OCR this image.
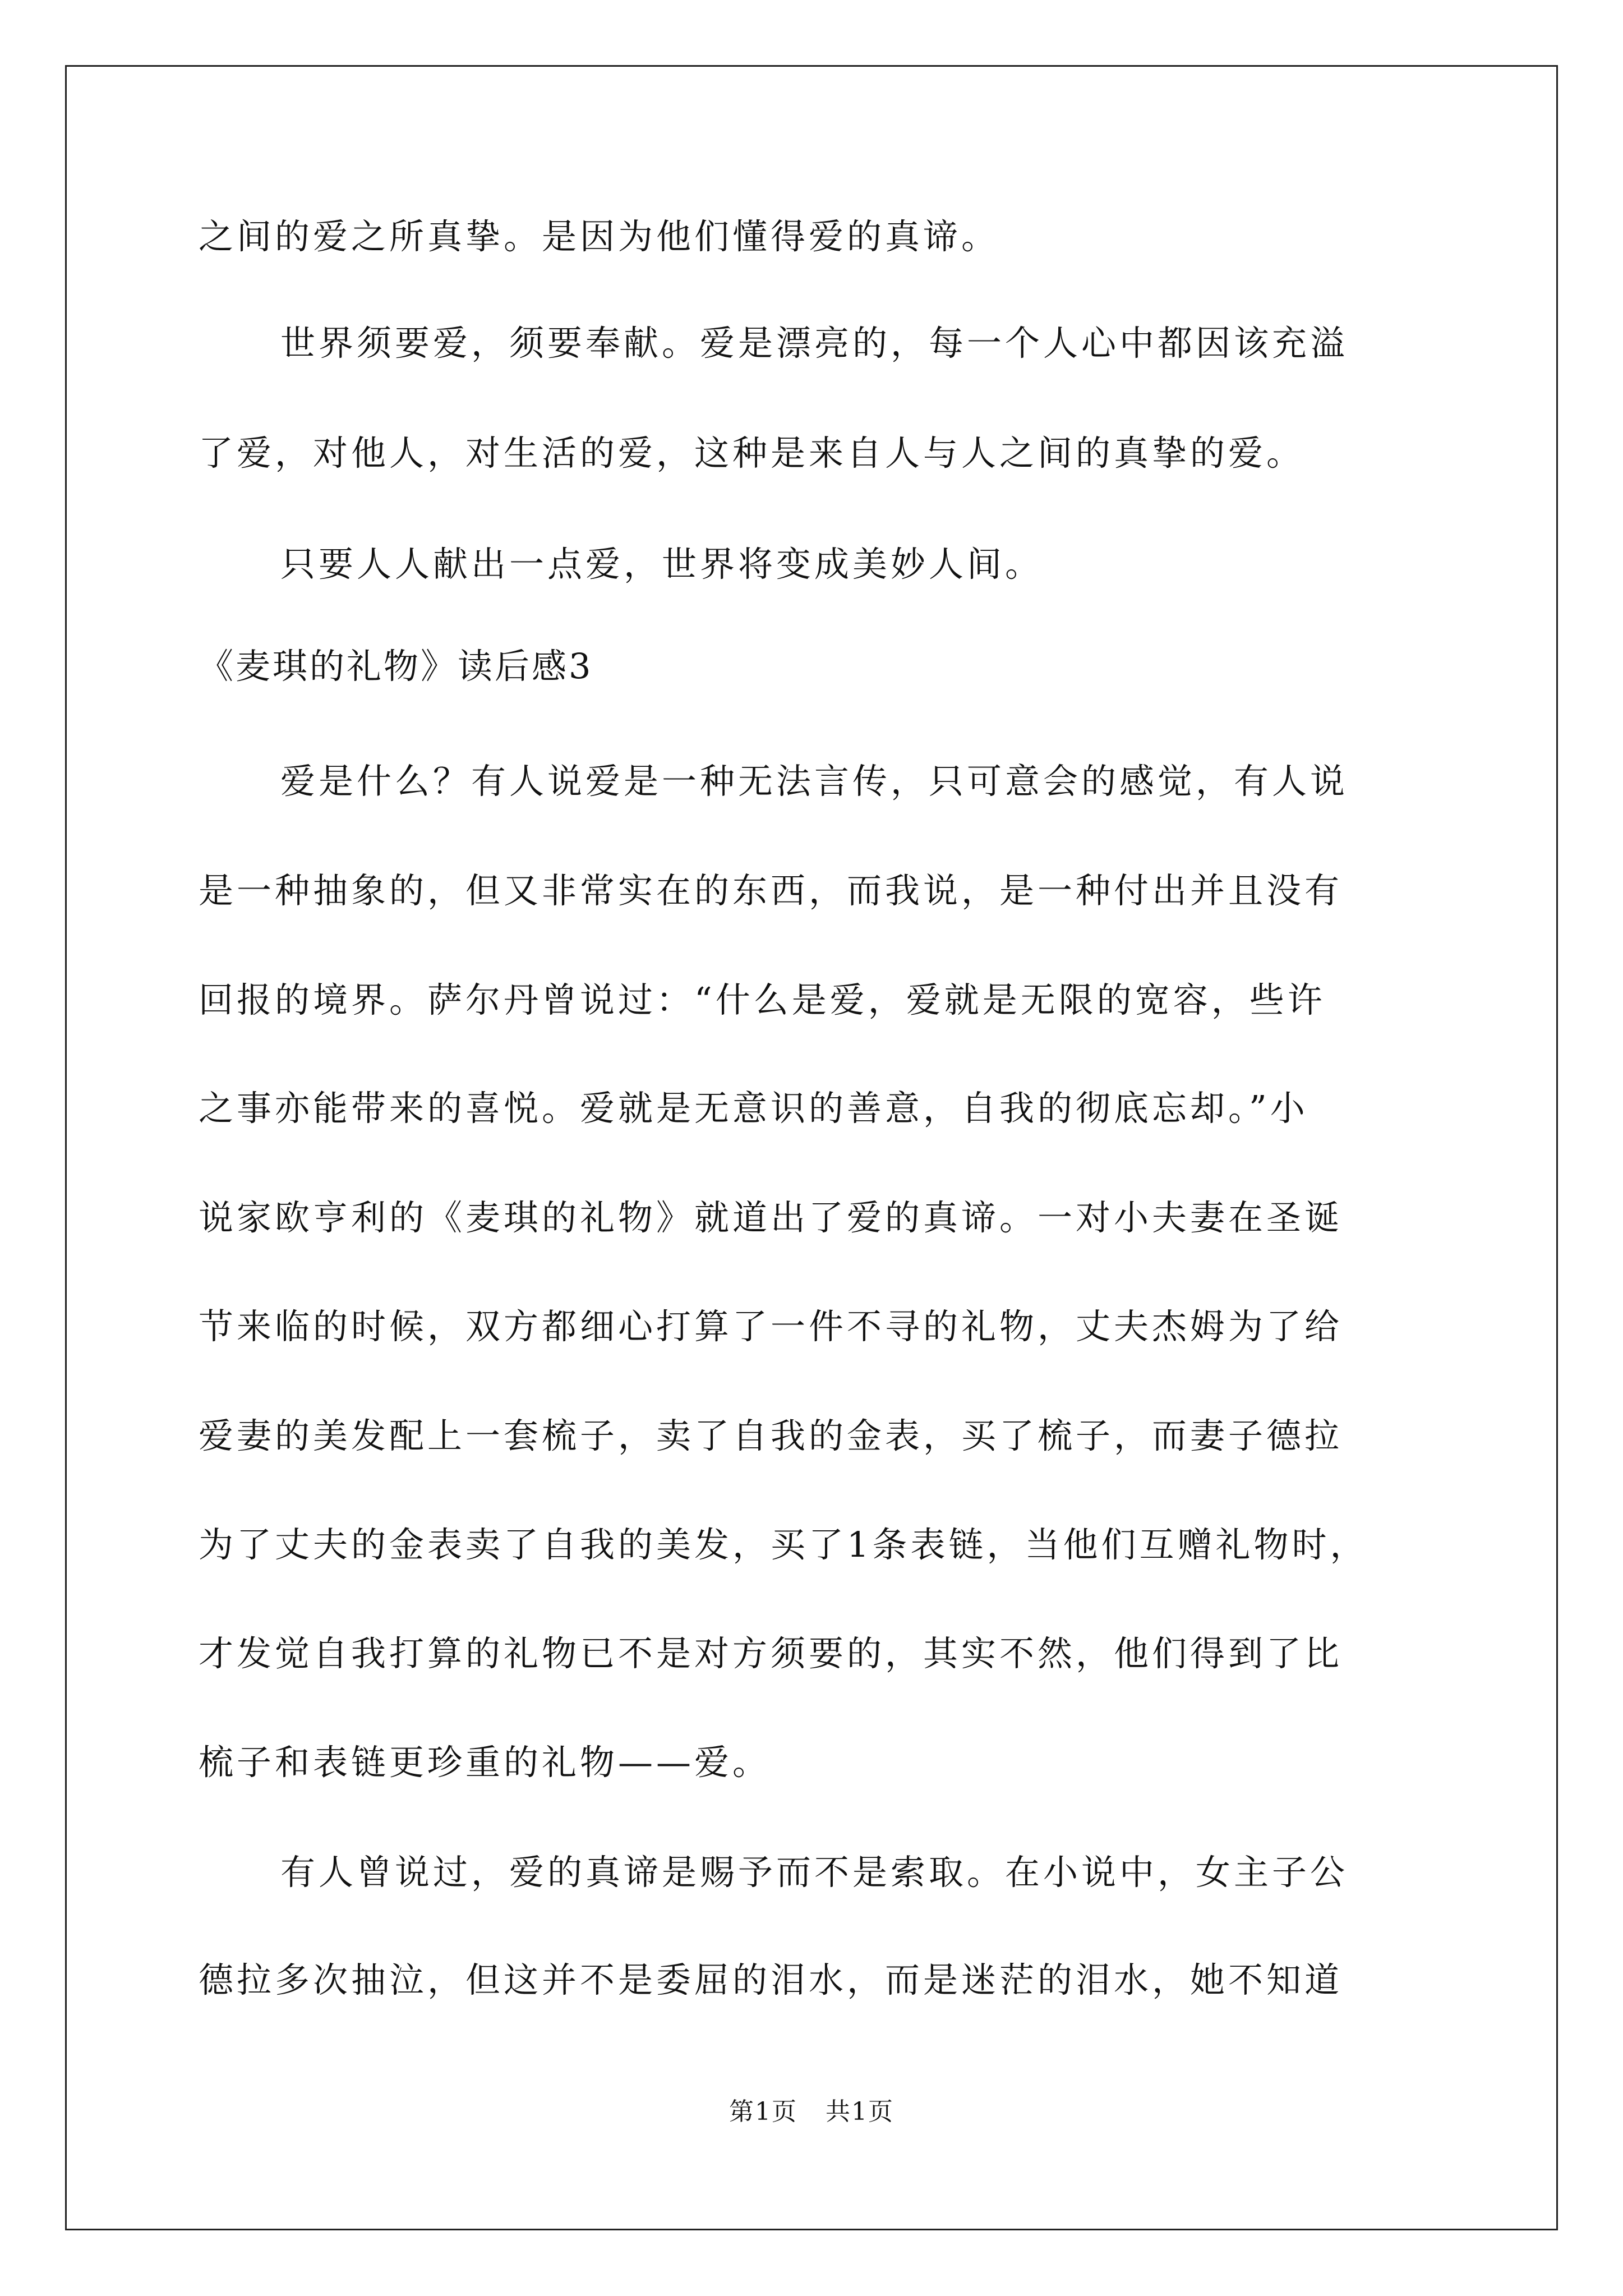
之间的爱之所真挚。是因为他们懂得爱的真谛。
世界须要爱，须要奉献。爱是漂亮的，每一个人心中都因该充溢
了爱，对他人，对生活的爱，这种是来自人与人之间的真挚的爱。
只要人人献出一点爱，世界将变成美妙人间。
《麦琪的礼物》读后感3
爱是什么？有人说爱是一种无法言传，只可意会的感觉，有人说
是一种抽象的，但又非常实在的东西，而我说，是一种付出并且没有
回报的境界。萨尔丹曾说过：“什么是爱，爱就是无限的宽容，些许
之事亦能带来的喜悦。爱就是无意识的善意，自我的彻底忘却。”小
说家欧亨利的《麦琪的礼物》就道出了爱的真谛。一对小夫妻在圣诞
节来临的时候，双方都细心打算了一件不寻的礼物，丈夫杰姆为了给
爱妻的美发配上一套梳子，卖了自我的金表，买了梳子，而妻子德拉
为了丈夫的金表卖了自我的美发，买了1条表链，当他们互赠礼物时，
才发觉自我打算的礼物已不是对方须要的，其实不然，他们得到了比
梳子和表链更珍重的礼物——爱。
有人曾说过，爱的真谛是赐予而不是索取。在小说中，女主子公
德拉多次抽泣，但这并不是委屈的泪水，而是迷茫的泪水，她不知道
第1页 共1页
